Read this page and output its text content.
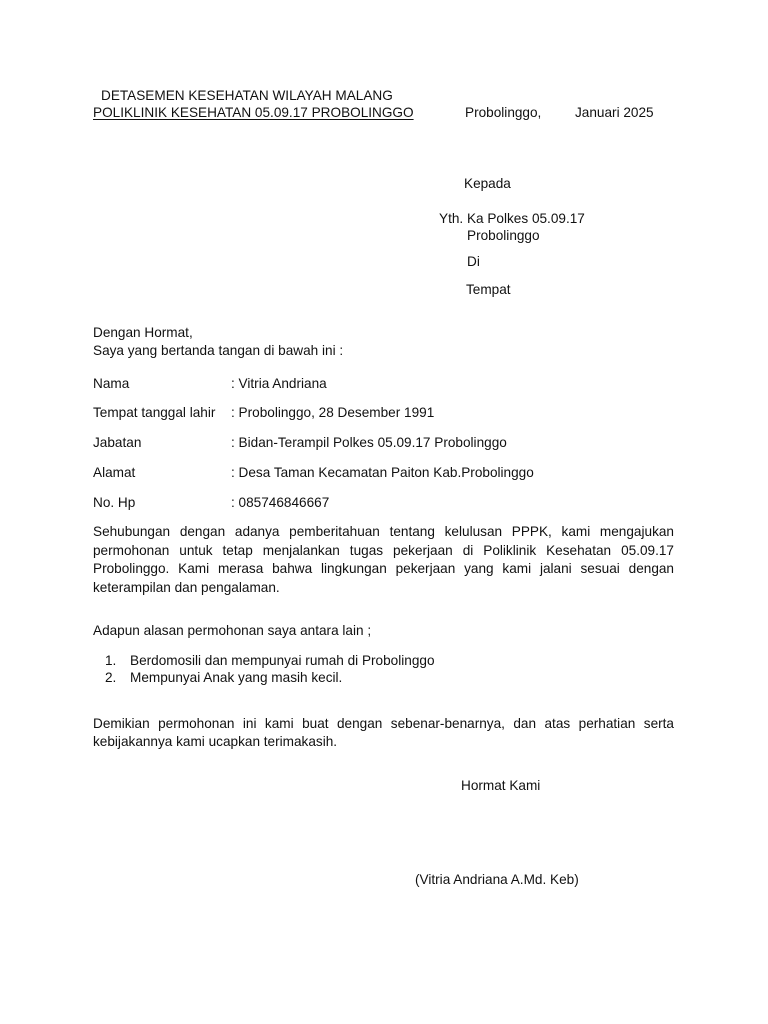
DETASEMEN KESEHATAN WILAYAH MALANG
POLIKLINIK KESEHATAN 05.09.17 PROBOLINGGO	Probolinggo, Januari 2025
Kepada
Yth. Ka Polkes 05.09.17
Probolinggo
Di
Tempat
Dengan Hormat,
Saya yang bertanda tangan di bawah ini :
Nama	: Vitria Andriana
Tempat tanggal lahir : Probolinggo, 28 Desember 1991
Jabatan	: Bidan-Terampil Polkes 05.09.17 Probolinggo
Alamat	: Desa Taman Kecamatan Paiton Kab.Probolinggo
No. Hp	: 085746846667
Sehubungan dengan adanya pemberitahuan tentang kelulusan PPPK, kami mengajukan permohonan untuk tetap menjalankan tugas pekerjaan di Poliklinik Kesehatan 05.09.17 Probolinggo. Kami merasa bahwa lingkungan pekerjaan yang kami jalani sesuai dengan keterampilan dan pengalaman.
Adapun alasan permohonan saya antara lain ;
1. Berdomosili dan mempunyai rumah di Probolinggo
2. Mempunyai Anak yang masih kecil.
Demikian permohonan ini kami buat dengan sebenar-benarnya, dan atas perhatian serta kebijakannya kami ucapkan terimakasih.
Hormat Kami
(Vitria Andriana A.Md. Keb)
